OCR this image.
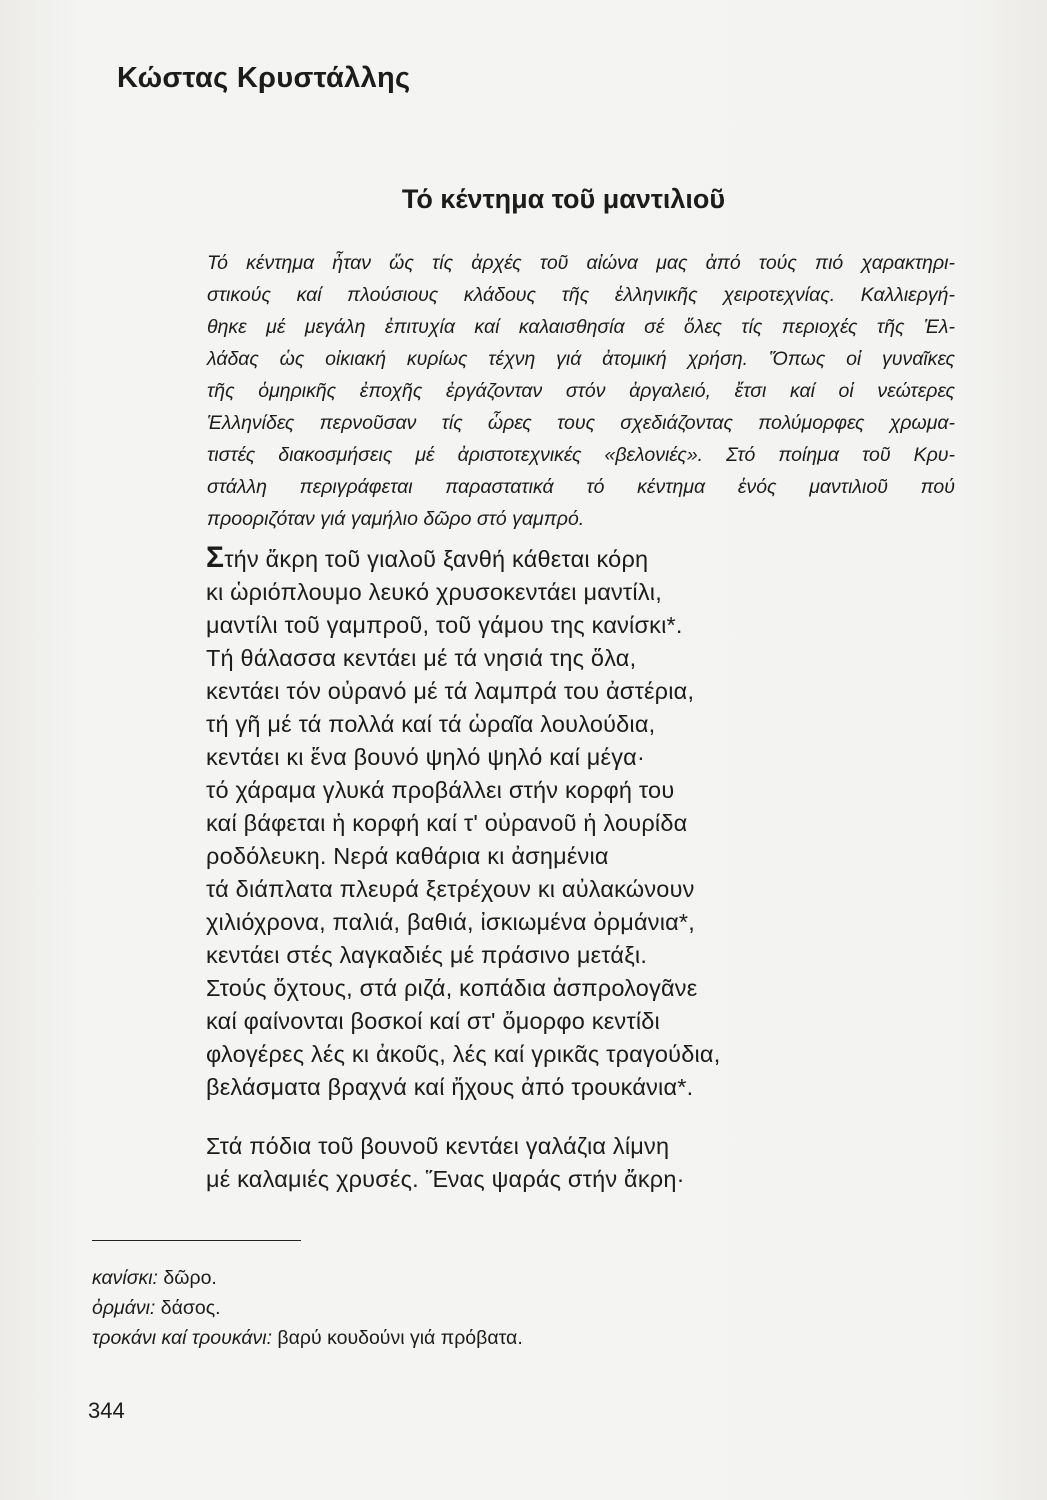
Κώστας Κρυστάλλης
Τό κέντημα τοῦ μαντιλιοῦ
Τό κέντημα ἦταν ὥς τίς ἀρχές τοῦ αἰώνα μας ἀπό τούς πιό χαρακτηρι-
στικούς καί πλούσιους κλάδους τῆς ἑλληνικῆς χειροτεχνίας. Καλλιεργή-
θηκε μέ μεγάλη ἐπιτυχία καί καλαισθησία σέ ὅλες τίς περιοχές τῆς Ἑλ-
λάδας ὡς οἰκιακή κυρίως τέχνη γιά ἀτομική χρήση. Ὅπως οἱ γυναῖκες
τῆς ὁμηρικῆς ἐποχῆς ἐργάζονταν στόν ἀργαλειό, ἔτσι καί οἱ νεώτερες
Ἑλληνίδες περνοῦσαν τίς ὧρες τους σχεδιάζοντας πολύμορφες χρωμα-
τιστές διακοσμήσεις μέ ἀριστοτεχνικές «βελονιές». Στό ποίημα τοῦ Κρυ-
στάλλη περιγράφεται παραστατικά τό κέντημα ἑνός μαντιλιοῦ πού
προοριζόταν γιά γαμήλιο δῶρο στό γαμπρό.
Στήν ἄκρη τοῦ γιαλοῦ ξανθή κάθεται κόρη
κι ὡριόπλουμο λευκό χρυσοκεντάει μαντίλι,
μαντίλι τοῦ γαμπροῦ, τοῦ γάμου της κανίσκι*.
Τή θάλασσα κεντάει μέ τά νησιά της ὅλα,
κεντάει τόν οὐρανό μέ τά λαμπρά του ἀστέρια,
τή γῆ μέ τά πολλά καί τά ὡραῖα λουλούδια,
κεντάει κι ἕνα βουνό ψηλό ψηλό καί μέγα·
τό χάραμα γλυκά προβάλλει στήν κορφή του
καί βάφεται ἡ κορφή καί τ' οὐρανοῦ ἡ λουρίδα
ροδόλευκη. Νερά καθάρια κι ἀσημένια
τά διάπλατα πλευρά ξετρέχουν κι αὐλακώνουν
χιλιόχρονα, παλιά, βαθιά, ἰσκιωμένα ὀρμάνια*,
κεντάει στές λαγκαδιές μέ πράσινο μετάξι.
Στούς ὄχτους, στά ριζά, κοπάδια ἀσπρολογᾶνε
καί φαίνονται βοσκοί καί στ' ὄμορφο κεντίδι
φλογέρες λές κι ἀκοῦς, λές καί γρικᾶς τραγούδια,
βελάσματα βραχνά καί ἤχους ἀπό τρουκάνια*.
Στά πόδια τοῦ βουνοῦ κεντάει γαλάζια λίμνη
μέ καλαμιές χρυσές. Ἕνας ψαράς στήν ἄκρη·
κανίσκι: δῶρο.
ὀρμάνι: δάσος.
τροκάνι καί τρουκάνι: βαρύ κουδούνι γιά πρόβατα.
344
